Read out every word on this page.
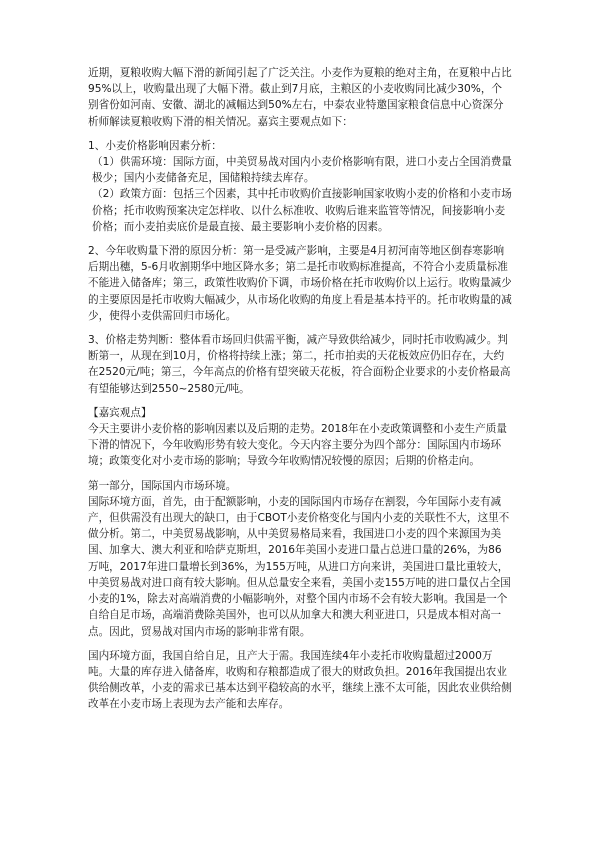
近期，夏粮收购大幅下滑的新闻引起了广泛关注。小麦作为夏粮的绝对主角，在夏粮中占比95%以上，收购量出现了大幅下滑。截止到7月底，主粮区的小麦收购同比减少30%，个别省份如河南、安徽、湖北的减幅达到50%左右，中泰农业特邀国家粮食信息中心资深分析师解读夏粮收购下滑的相关情况。嘉宾主要观点如下：

1、小麦价格影响因素分析：

（1）供需环境：国际方面，中美贸易战对国内小麦价格影响有限，进口小麦占全国消费量极少；国内小麦储备充足，国储粮持续去库存。

（2）政策方面：包括三个因素，其中托市收购价直接影响国家收购小麦的价格和小麦市场价格；托市收购预案决定怎样收、以什么标准收、收购后谁来监管等情况，间接影响小麦价格；而小麦拍卖底价是最直接、最主要影响小麦价格的因素。

2、今年收购量下滑的原因分析：第一是受减产影响，主要是4月初河南等地区倒春寒影响后期出穗，5-6月收割期华中地区降水多；第二是托市收购标准提高，不符合小麦质量标准不能进入储备库；第三，政策性收购价下调，市场价格在托市收购价以上运行。收购量减少的主要原因是托市收购大幅减少，从市场化收购的角度上看是基本持平的。托市收购量的减少，使得小麦供需回归市场化。

3、价格走势判断：整体看市场回归供需平衡，减产导致供给减少，同时托市收购减少。判断第一，从现在到10月，价格将持续上涨；第二，托市拍卖的天花板效应仍旧存在，大约在2520元/吨；第三，今年高点的价格有望突破天花板，符合面粉企业要求的小麦价格最高有望能够达到2550~2580元/吨。

【嘉宾观点】

今天主要讲小麦价格的影响因素以及后期的走势。2018年在小麦政策调整和小麦生产质量下滑的情况下，今年收购形势有较大变化。今天内容主要分为四个部分：国际国内市场环境；政策变化对小麦市场的影响；导致今年收购情况较慢的原因；后期的价格走向。

第一部分，国际国内市场环境。

国际环境方面，首先，由于配额影响，小麦的国际国内市场存在割裂，今年国际小麦有减产，但供需没有出现大的缺口，由于CBOT小麦价格变化与国内小麦的关联性不大，这里不做分析。第二，中美贸易战影响，从中美贸易格局来看，我国进口小麦的四个来源国为美国、加拿大、澳大利亚和哈萨克斯坦，2016年美国小麦进口量占总进口量的26%，为86万吨，2017年进口量增长到36%，为155万吨，从进口方向来讲，美国进口量比重较大，中美贸易战对进口商有较大影响。但从总量安全来看，美国小麦155万吨的进口量仅占全国小麦的1%，除去对高端消费的小幅影响外，对整个国内市场不会有较大影响。我国是一个自给自足市场，高端消费除美国外，也可以从加拿大和澳大利亚进口，只是成本相对高一点。因此，贸易战对国内市场的影响非常有限。

国内环境方面，我国自给自足，且产大于需。我国连续4年小麦托市收购量超过2000万吨。大量的库存进入储备库，收购和存粮都造成了很大的财政负担。2016年我国提出农业供给侧改革，小麦的需求已基本达到平稳较高的水平，继续上涨不太可能，因此农业供给侧改革在小麦市场上表现为去产能和去库存。
